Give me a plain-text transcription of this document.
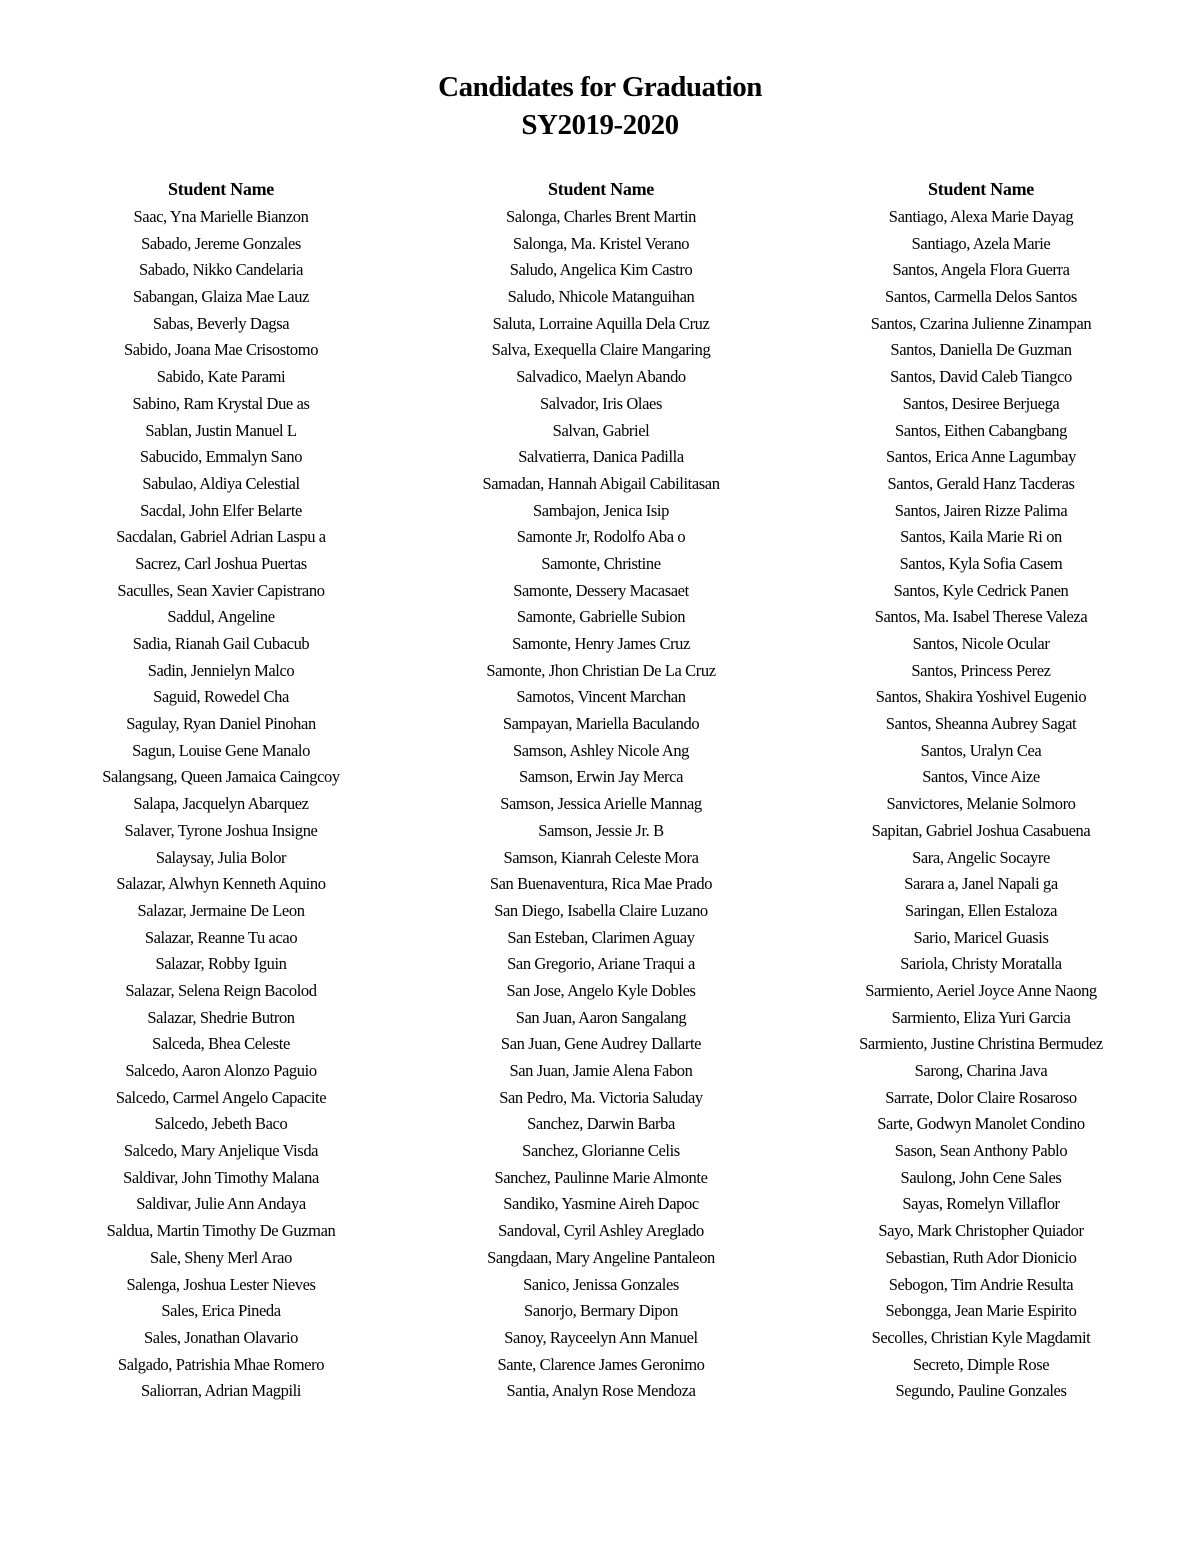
Candidates for Graduation
SY2019-2020
Student Name
Saac, Yna Marielle Bianzon
Sabado, Jereme Gonzales
Sabado, Nikko Candelaria
Sabangan, Glaiza Mae Lauz
Sabas, Beverly Dagsa
Sabido, Joana Mae Crisostomo
Sabido, Kate Parami
Sabino, Ram Krystal Due as
Sablan, Justin Manuel L
Sabucido, Emmalyn Sano
Sabulao, Aldiya Celestial
Sacdal, John Elfer Belarte
Sacdalan, Gabriel Adrian Laspu a
Sacrez, Carl Joshua Puertas
Saculles, Sean Xavier Capistrano
Saddul, Angeline
Sadia, Rianah Gail Cubacub
Sadin, Jennielyn Malco
Saguid, Rowedel Cha
Sagulay, Ryan Daniel Pinohan
Sagun, Louise Gene Manalo
Salangsang, Queen Jamaica Caingcoy
Salapa, Jacquelyn Abarquez
Salaver, Tyrone Joshua Insigne
Salaysay, Julia Bolor
Salazar, Alwhyn Kenneth Aquino
Salazar, Jermaine De Leon
Salazar, Reanne Tu acao
Salazar, Robby Iguin
Salazar, Selena Reign Bacolod
Salazar, Shedrie Butron
Salceda, Bhea Celeste
Salcedo, Aaron Alonzo Paguio
Salcedo, Carmel Angelo Capacite
Salcedo, Jebeth Baco
Salcedo, Mary Anjelique Visda
Saldivar, John Timothy Malana
Saldivar, Julie Ann Andaya
Saldua, Martin Timothy De Guzman
Sale, Sheny Merl Arao
Salenga, Joshua Lester Nieves
Sales, Erica Pineda
Sales, Jonathan Olavario
Salgado, Patrishia Mhae Romero
Saliorran, Adrian Magpili
Student Name
Salonga, Charles Brent Martin
Salonga, Ma. Kristel Verano
Saludo, Angelica Kim Castro
Saludo, Nhicole Matanguihan
Saluta, Lorraine Aquilla Dela Cruz
Salva, Exequella Claire Mangaring
Salvadico, Maelyn Abando
Salvador, Iris Olaes
Salvan, Gabriel
Salvatierra, Danica Padilla
Samadan, Hannah Abigail Cabilitasan
Sambajon, Jenica Isip
Samonte Jr, Rodolfo Aba o
Samonte, Christine
Samonte, Dessery Macasaet
Samonte, Gabrielle Subion
Samonte, Henry James Cruz
Samonte, Jhon Christian De La Cruz
Samotos, Vincent Marchan
Sampayan, Mariella Baculando
Samson, Ashley Nicole Ang
Samson, Erwin Jay Merca
Samson, Jessica Arielle Mannag
Samson, Jessie Jr. B
Samson, Kianrah Celeste Mora
San Buenaventura, Rica Mae Prado
San Diego, Isabella Claire Luzano
San Esteban, Clarimen Aguay
San Gregorio, Ariane Traqui a
San Jose, Angelo Kyle Dobles
San Juan, Aaron Sangalang
San Juan, Gene Audrey Dallarte
San Juan, Jamie Alena Fabon
San Pedro, Ma. Victoria Saluday
Sanchez, Darwin Barba
Sanchez, Glorianne Celis
Sanchez, Paulinne Marie Almonte
Sandiko, Yasmine Aireh Dapoc
Sandoval, Cyril Ashley Areglado
Sangdaan, Mary Angeline Pantaleon
Sanico, Jenissa Gonzales
Sanorjo, Bermary Dipon
Sanoy, Rayceelyn Ann Manuel
Sante, Clarence James Geronimo
Santia, Analyn Rose Mendoza
Student Name
Santiago, Alexa Marie Dayag
Santiago, Azela Marie
Santos, Angela Flora Guerra
Santos, Carmella Delos Santos
Santos, Czarina Julienne Zinampan
Santos, Daniella De Guzman
Santos, David Caleb Tiangco
Santos, Desiree Berjuega
Santos, Eithen Cabangbang
Santos, Erica Anne Lagumbay
Santos, Gerald Hanz Tacderas
Santos, Jairen Rizze Palima
Santos, Kaila Marie Ri on
Santos, Kyla Sofia Casem
Santos, Kyle Cedrick Panen
Santos, Ma. Isabel Therese Valeza
Santos, Nicole Ocular
Santos, Princess Perez
Santos, Shakira Yoshivel Eugenio
Santos, Sheanna Aubrey Sagat
Santos, Uralyn Cea
Santos, Vince Aize
Sanvictores, Melanie Solmoro
Sapitan, Gabriel Joshua Casabuena
Sara, Angelic Socayre
Sarara a, Janel Napali ga
Saringan, Ellen Estaloza
Sario, Maricel Guasis
Sariola, Christy Moratalla
Sarmiento, Aeriel Joyce Anne Naong
Sarmiento, Eliza Yuri Garcia
Sarmiento, Justine Christina Bermudez
Sarong, Charina Java
Sarrate, Dolor Claire Rosaroso
Sarte, Godwyn Manolet Condino
Sason, Sean Anthony Pablo
Saulong, John Cene Sales
Sayas, Romelyn Villaflor
Sayo, Mark Christopher Quiador
Sebastian, Ruth Ador Dionicio
Sebogon, Tim Andrie Resulta
Sebongga, Jean Marie Espirito
Secolles, Christian Kyle Magdamit
Secreto, Dimple Rose
Segundo, Pauline Gonzales
